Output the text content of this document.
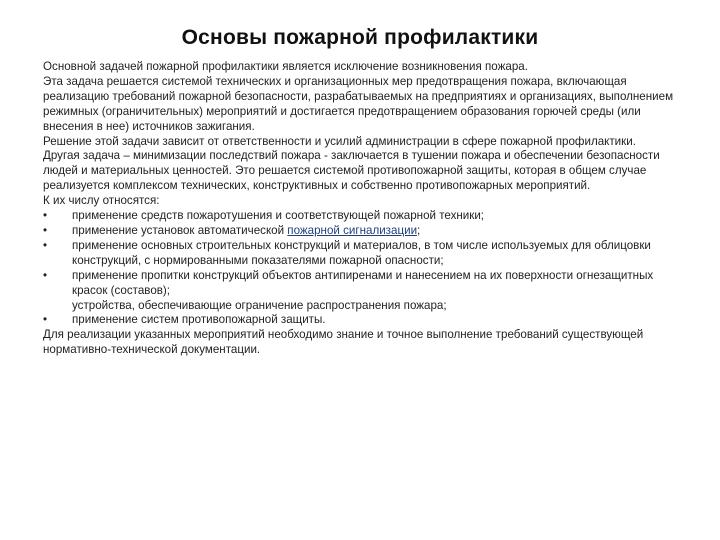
Основы пожарной профилактики

Основной задачей пожарной профилактики является исключение возникновения пожара.

Эта задача решается системой технических и организационных мер предотвращения пожара, включающая реализацию требований пожарной безопасности, разрабатываемых на предприятиях и организациях, выполнением режимных (ограничительных) мероприятий и достигается предотвращением образования горючей среды (или внесения в нее) источников зажигания.

Решение этой задачи зависит от ответственности и усилий администрации в сфере пожарной профилактики.

Другая задача – минимизации последствий пожара - заключается в тушении пожара и обеспечении безопасности людей и материальных ценностей. Это решается системой противопожарной защиты, которая в общем случае реализуется комплексом технических, конструктивных и собственно противопожарных мероприятий.

К их числу относятся:

• применение средств пожаротушения и соответствующей пожарной техники;
• применение установок автоматической пожарной сигнализации;
• применение основных строительных конструкций и материалов, в том числе используемых для облицовки конструкций, с нормированными показателями пожарной опасности;
• применение пропитки конструкций объектов антипиренами и нанесением на их поверхности огнезащитных красок (составов);
устройства, обеспечивающие ограничение распространения пожара;
• применение систем противопожарной защиты.

Для реализации указанных мероприятий необходимо знание и точное выполнение требований существующей нормативно-технической документации.
